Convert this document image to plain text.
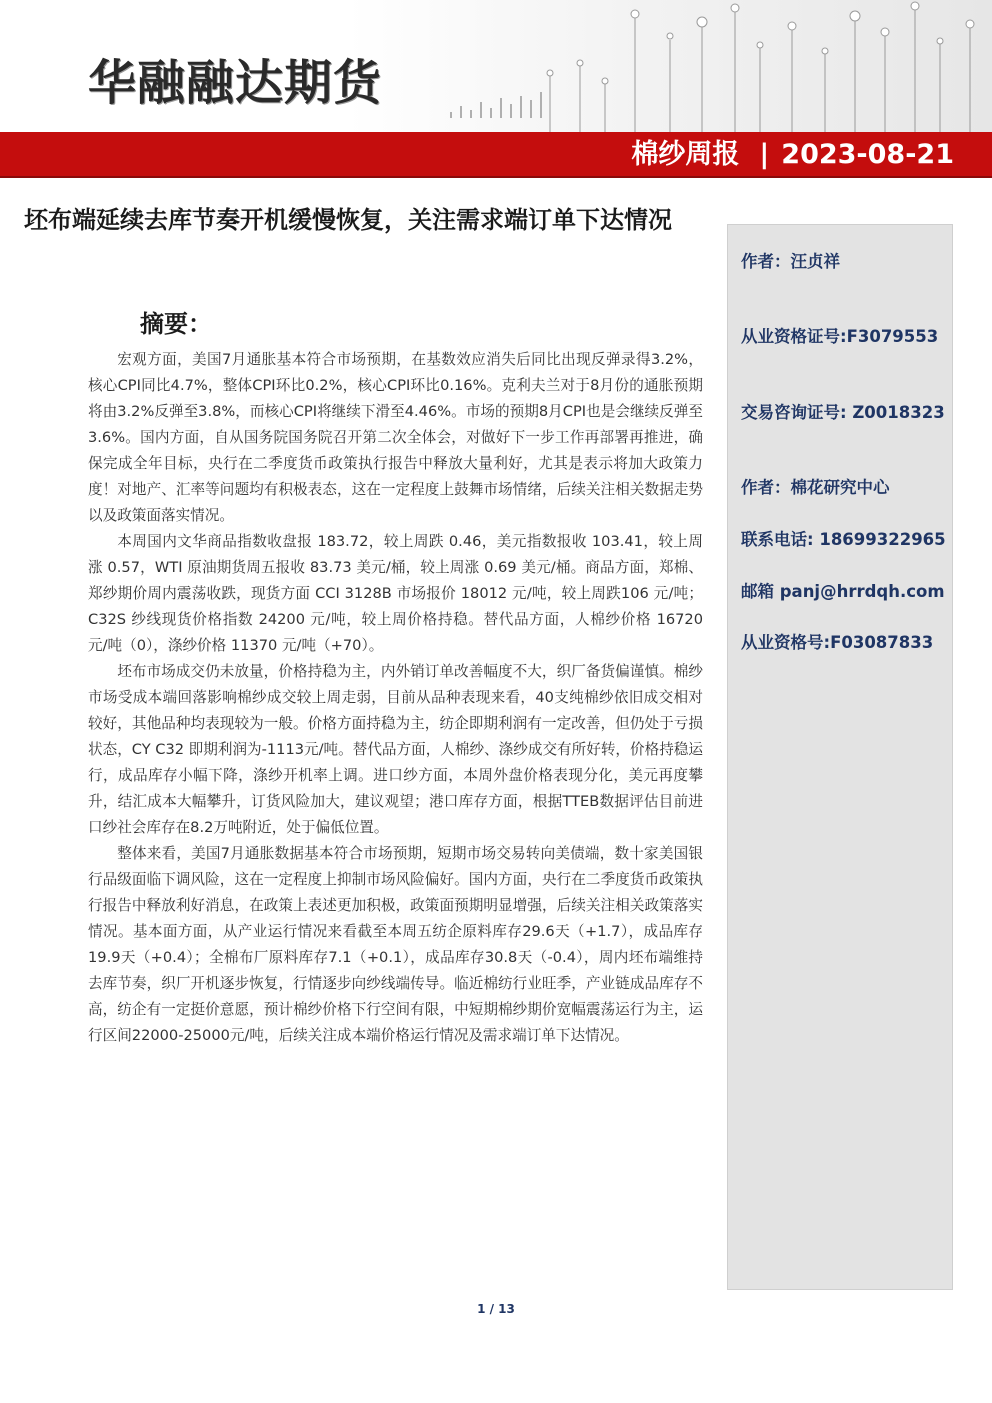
华融融达期货
棉纱周报 | 2023-08-21
坯布端延续去库节奏开机缓慢恢复，关注需求端订单下达情况
摘要：

宏观方面，美国7月通胀基本符合市场预期，在基数效应消失后同比出现反弹录得3.2%，核心CPI同比4.7%，整体CPI环比0.2%，核心CPI环比0.16%。克利夫兰对于8月份的通胀预期将由3.2%反弹至3.8%，而核心CPI将继续下滑至4.46%。市场的预期8月CPI也是会继续反弹至3.6%。国内方面，自从国务院国务院召开第二次全体会，对做好下一步工作再部署再推进，确保完成全年目标，央行在二季度货币政策执行报告中释放大量利好，尤其是表示将加大政策力度！对地产、汇率等问题均有积极表态，这在一定程度上鼓舞市场情绪，后续关注相关数据走势以及政策面落实情况。

本周国内文华商品指数收盘报 183.72，较上周跌 0.46，美元指数报收 103.41，较上周涨 0.57，WTI 原油期货周五报收 83.73 美元/桶，较上周涨 0.69 美元/桶。商品方面，郑棉、郑纱期价周内震荡收跌，现货方面 CCI 3128B 市场报价 18012 元/吨，较上周跌106 元/吨；C32S 纱线现货价格指数 24200 元/吨，较上周价格持稳。替代品方面，人棉纱价格 16720 元/吨（0），涤纱价格 11370 元/吨（+70）。

坯布市场成交仍未放量，价格持稳为主，内外销订单改善幅度不大，织厂备货偏谨慎。棉纱市场受成本端回落影响棉纱成交较上周走弱，目前从品种表现来看，40支纯棉纱依旧成交相对较好，其他品种均表现较为一般。价格方面持稳为主，纺企即期利润有一定改善，但仍处于亏损状态，CY C32 即期利润为-1113元/吨。替代品方面，人棉纱、涤纱成交有所好转，价格持稳运行，成品库存小幅下降，涤纱开机率上调。进口纱方面，本周外盘价格表现分化，美元再度攀升，结汇成本大幅攀升，订货风险加大，建议观望；港口库存方面，根据TTEB数据评估目前进口纱社会库存在8.2万吨附近，处于偏低位置。

整体来看，美国7月通胀数据基本符合市场预期，短期市场交易转向美债端，数十家美国银行品级面临下调风险，这在一定程度上抑制市场风险偏好。国内方面，央行在二季度货币政策执行报告中释放利好消息，在政策上表述更加积极，政策面预期明显增强，后续关注相关政策落实情况。基本面方面，从产业运行情况来看截至本周五纺企原料库存29.6天（+1.7），成品库存19.9天（+0.4）；全棉布厂原料库存7.1（+0.1），成品库存30.8天（-0.4），周内坯布端维持去库节奏，织厂开机逐步恢复，行情逐步向纱线端传导。临近棉纺行业旺季，产业链成品库存不高，纺企有一定挺价意愿，预计棉纱价格下行空间有限，中短期棉纱期价宽幅震荡运行为主，运行区间22000-25000元/吨，后续关注成本端价格运行情况及需求端订单下达情况。

作者：汪贞祥
从业资格证号:F3079553
交易咨询证号: Z0018323
作者：棉花研究中心
联系电话: 18699322965
邮箱 panj@hrrdqh.com
从业资格号:F03087833
1 / 13
